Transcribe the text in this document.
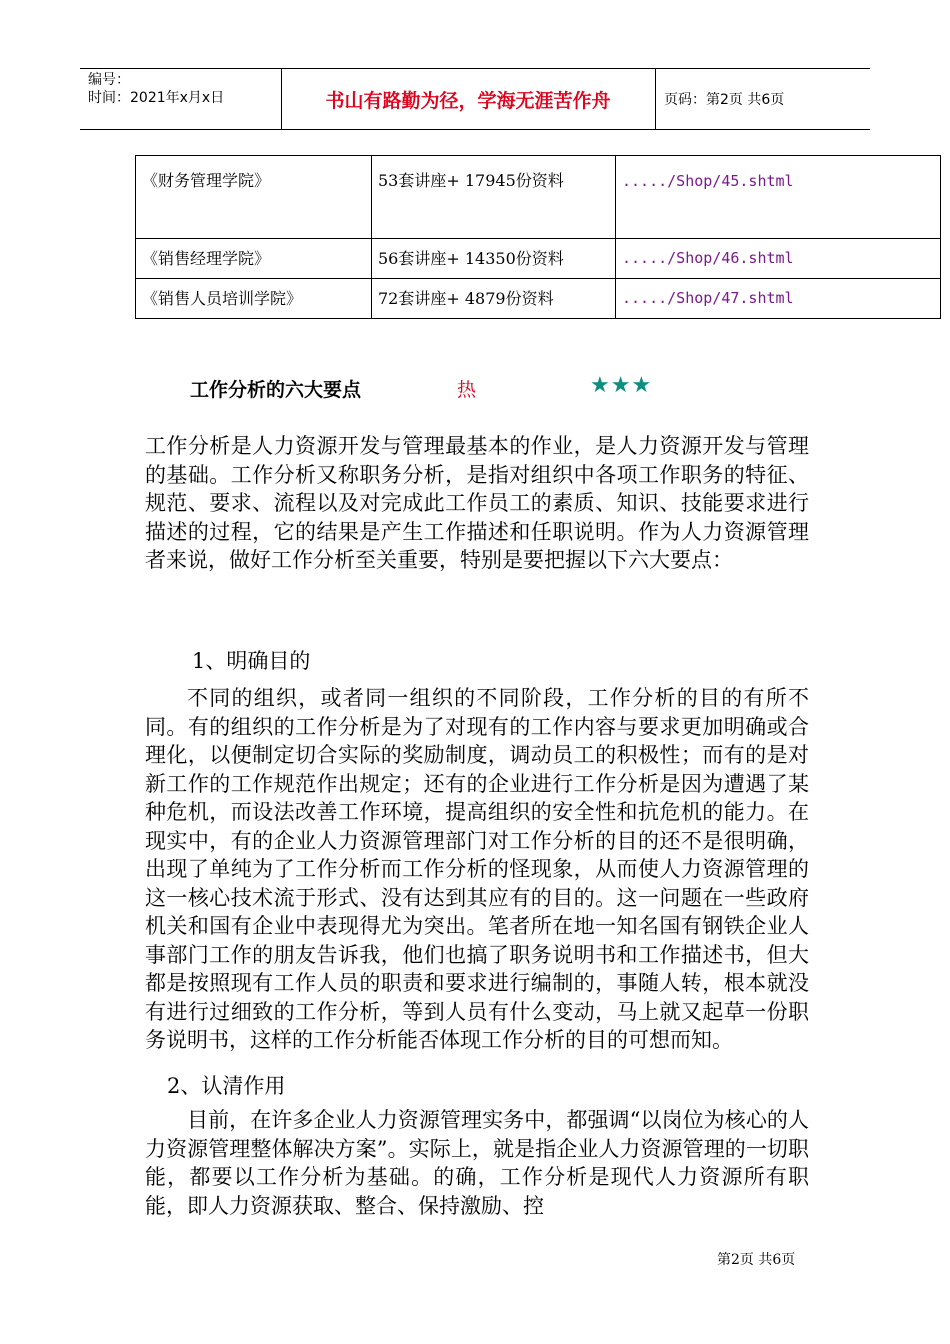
编号：
时间：2021年x月x日	书山有路勤为径，学海无涯苦作舟	页码：第2页 共6页
《财务管理学院》	53套讲座+ 17945份资料	...../Shop/45.shtml
《销售经理学院》	56套讲座+ 14350份资料	...../Shop/46.shtml
《销售人员培训学院》	72套讲座+ 4879份资料	...../Shop/47.shtml
工作分析的六大要点	热	★★★
工作分析是人力资源开发与管理最基本的作业，是人力资源开发与管理的基础。工作分析又称职务分析，是指对组织中各项工作职务的特征、规范、要求、流程以及对完成此工作员工的素质、知识、技能要求进行描述的过程，它的结果是产生工作描述和任职说明。作为人力资源管理者来说，做好工作分析至关重要，特别是要把握以下六大要点：
1、明确目的
不同的组织，或者同一组织的不同阶段，工作分析的目的有所不同。有的组织的工作分析是为了对现有的工作内容与要求更加明确或合理化，以便制定切合实际的奖励制度，调动员工的积极性；而有的是对新工作的工作规范作出规定；还有的企业进行工作分析是因为遭遇了某种危机，而设法改善工作环境，提高组织的安全性和抗危机的能力。在现实中，有的企业人力资源管理部门对工作分析的目的还不是很明确，出现了单纯为了工作分析而工作分析的怪现象，从而使人力资源管理的这一核心技术流于形式、没有达到其应有的目的。这一问题在一些政府机关和国有企业中表现得尤为突出。笔者所在地一知名国有钢铁企业人事部门工作的朋友告诉我，他们也搞了职务说明书和工作描述书，但大都是按照现有工作人员的职责和要求进行编制的，事随人转，根本就没有进行过细致的工作分析，等到人员有什么变动，马上就又起草一份职务说明书，这样的工作分析能否体现工作分析的目的可想而知。
2、认清作用
目前，在许多企业人力资源管理实务中，都强调“以岗位为核心的人力资源管理整体解决方案”。实际上，就是指企业人力资源管理的一切职能，都要以工作分析为基础。的确，工作分析是现代人力资源所有职能，即人力资源获取、整合、保持激励、控
第2页 共6页
